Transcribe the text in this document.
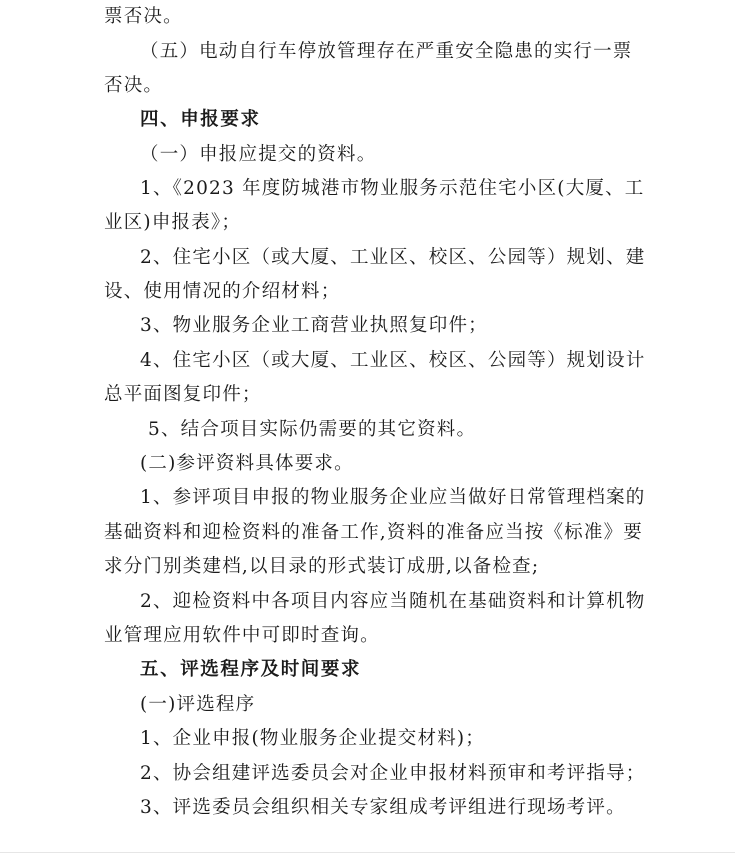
票否决。
（五）电动自行车停放管理存在严重安全隐患的实行一票
否决。
四、申报要求
（一）申报应提交的资料。
1、《2023 年度防城港市物业服务示范住宅小区(大厦、工
业区)申报表》；
2、住宅小区（或大厦、工业区、校区、公园等）规划、建
设、使用情况的介绍材料；
3、物业服务企业工商营业执照复印件；
4、住宅小区（或大厦、工业区、校区、公园等）规划设计
总平面图复印件；
5、结合项目实际仍需要的其它资料。
(二)参评资料具体要求。
1、参评项目申报的物业服务企业应当做好日常管理档案的
基础资料和迎检资料的准备工作,资料的准备应当按《标准》要
求分门别类建档,以目录的形式装订成册,以备检查;
2、迎检资料中各项目内容应当随机在基础资料和计算机物
业管理应用软件中可即时查询。
五、评选程序及时间要求
(一)评选程序
1、企业申报(物业服务企业提交材料)；
2、协会组建评选委员会对企业申报材料预审和考评指导；
3、评选委员会组织相关专家组成考评组进行现场考评。
